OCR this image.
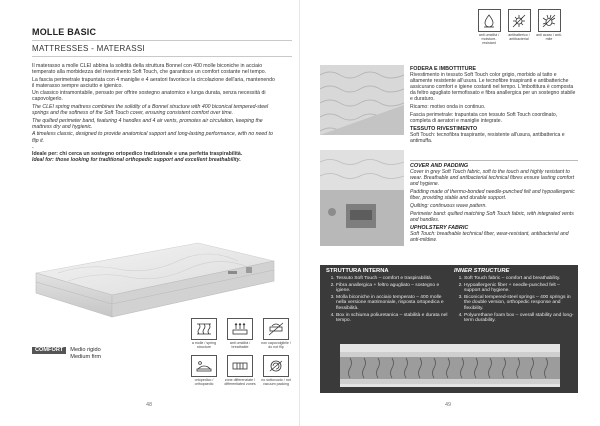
MOLLE BASIC
MATTRESSES - MATERASSI

Il materasso a molle CLEI abbina la solidità della struttura Bonnel con 400 molle biconiche in acciaio temperato alla morbidezza del rivestimento Soft Touch, che garantisce un comfort costante nel tempo.

La fascia perimetrale trapuntata con 4 maniglie e 4 aeratori favorisce la circolazione dell'aria, mantenendo il materasso sempre asciutto e igienico.

Un classico intramontabile, pensato per offrire sostegno anatomico e lunga durata, senza necessità di capovolgerlo.

The CLEI spring mattress combines the solidity of a Bonnel structure with 400 biconical tempered-steel springs and the softness of the Soft Touch cover, ensuring consistent comfort over time.

The quilted perimeter band, featuring 4 handles and 4 air vents, promotes air circulation, keeping the mattress dry and hygienic.

A timeless classic, designed to provide anatomical support and long-lasting performance, with no need to flip it.

-

Ideale per: chi cerca un sostegno ortopedico tradizionale e una perfetta traspirabilità.

Ideal for: those looking for traditional orthopedic support and excellent breathability.

COMFORT	Medio rigido
Medium firm
a molle / spring structure
anti umidità / breathable
non capovolgibile / do not flip
ortopedico / orthopaedic
zone differenziate / differentiated zones
no sottovuoto / not vacuum packing
48
anti umidità / moisture-resistant
antibatterico / antibacterial
anti acaro / anti-mite
FODERA E IMBOTTITURE

Rivestimento in tessuto Soft Touch color grigio, morbido al tatto e altamente resistente all'usura. Le tecnofibre traspiranti e antibatteriche assicurano comfort e igiene costanti nel tempo. L'imbottitura è composta da feltro agugliato termofissato e fibra anallergica per un sostegno stabile e duraturo.

Ricamo: motivo onda in continuo.

Fascia perimetrale: trapuntata con tessuto Soft Touch coordinato, completa di aeratori e maniglie integrate.

TESSUTO RIVESTIMENTO

Soft Touch: tecnofibra traspirante, resistente all'usura, antibatterica e antimuffa.

COVER AND PADDING

Cover in grey Soft Touch fabric, soft to the touch and highly resistant to wear. Breathable and antibacterial technical fibres ensure lasting comfort and hygiene.

Padding made of thermo-bonded needle-punched felt and hypoallergenic fiber, providing stable and durable support.

Quilting: continuous wave pattern.

Perimeter band: quilted matching Soft Touch fabric, with integrated vents and handles.

UPHOLSTERY FABRIC

Soft Touch: breathable technical fiber, wear-resistant, antibacterial and anti-mildew.

STRUTTURA INTERNA
1. Tessuto Soft Touch – comfort e traspirabilità.
2. Fibra anallergica + feltro agugliato – sostegno e igiene.
3. Molla biconiche in acciaio temperato – 400 molle nella versione matrimoniale, risposta ortopedica e flessibilità.
4. Box in schiuma poliuretanica – stabilità e durata nel tempo.
INNER STRUCTURE
1. Soft Touch fabric – comfort and breathability.
2. Hypoallergenic fiber + needle-punched felt – support and hygiene.
3. Biconical tempered-steel springs – 400 springs in the double version, orthopedic response and flexibility.
4. Polyurethane foam box – overall stability and long-term durability.
49
